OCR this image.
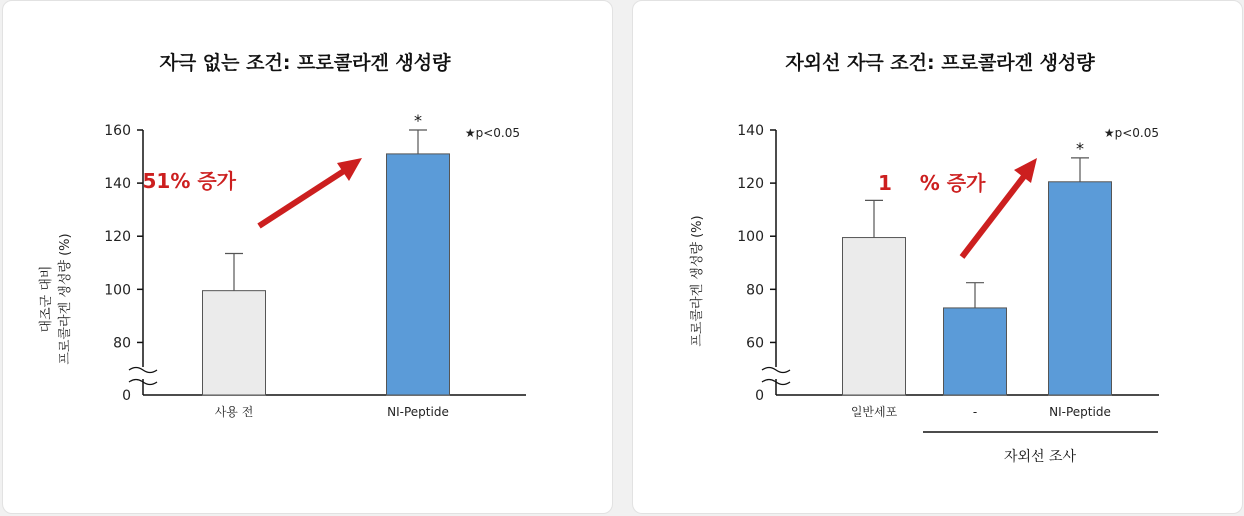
자극 없는 조건: 프로콜라겐 생성량
대조군 대비 프로콜라겐 생성량 (%)
★p<0.05
51% 증가
0
80
100
120
140
160
사용 전	NI-Peptide
*
자외선 자극 조건: 프로콜라겐 생성량
프로콜라겐 생성량 (%)
★p<0.05
1    % 증가
자외선 조사
0
60
80
100
120
140
일반세포	-	NI-Peptide
*
